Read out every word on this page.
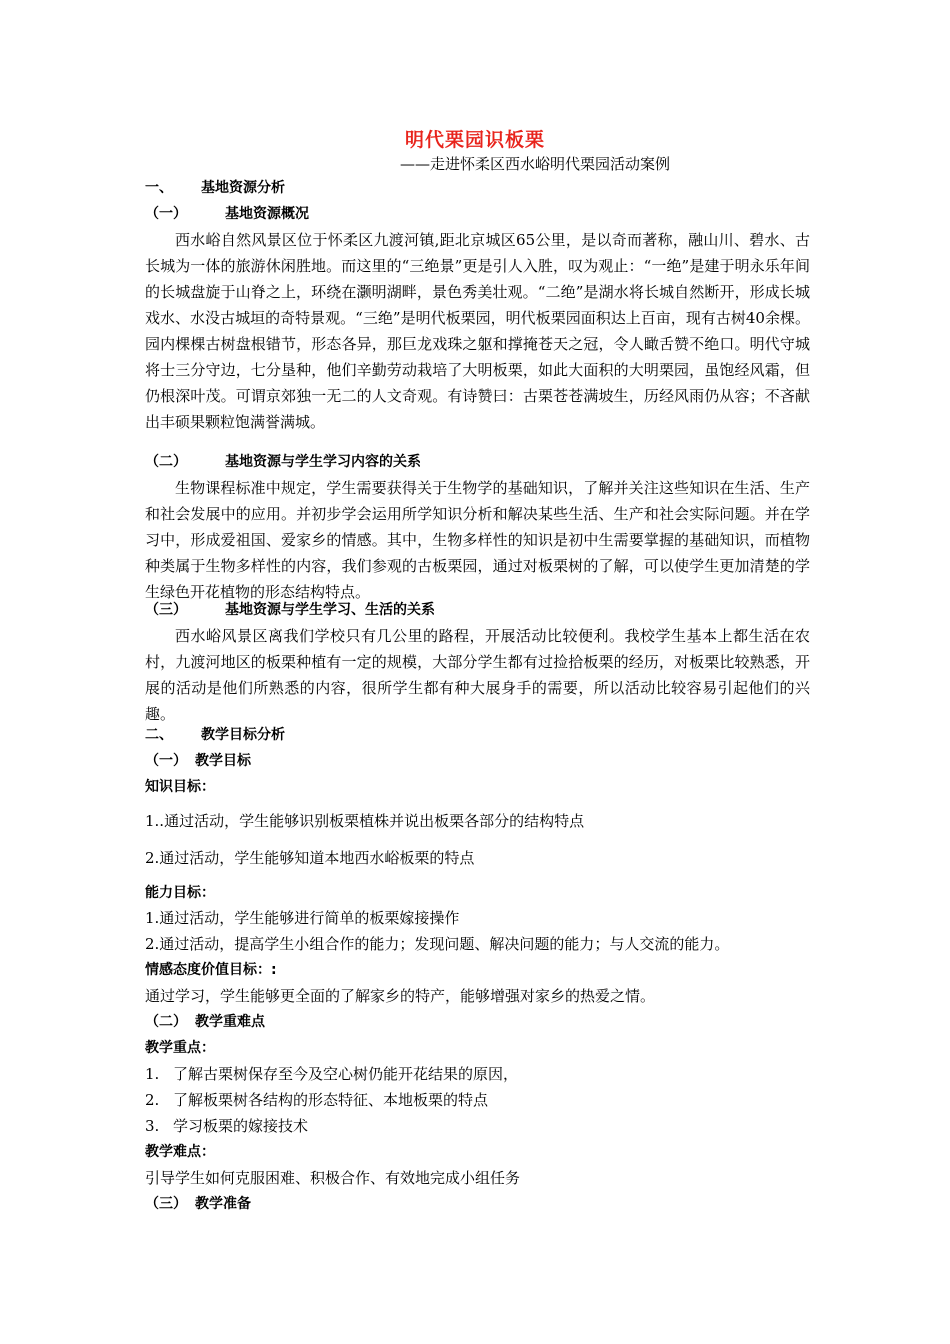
明代栗园识板栗
——走进怀柔区西水峪明代栗园活动案例
一、 基地资源分析
（一）	基地资源概况
西水峪自然风景区位于怀柔区九渡河镇,距北京城区65公里，是以奇而著称，融山川、碧水、古长城为一体的旅游休闲胜地。而这里的“三绝景”更是引人入胜，叹为观止：“一绝”是建于明永乐年间的长城盘旋于山脊之上，环绕在灏明湖畔，景色秀美壮观。“二绝”是湖水将长城自然断开，形成长城戏水、水没古城垣的奇特景观。“三绝”是明代板栗园，明代板栗园面积达上百亩，现有古树40余棵。园内棵棵古树盘根错节，形态各异，那巨龙戏珠之躯和撑掩苍天之冠，令人瞰舌赞不绝口。明代守城将士三分守边，七分垦种，他们辛勤劳动栽培了大明板栗，如此大面积的大明栗园，虽饱经风霜，但仍根深叶茂。可谓京郊独一无二的人文奇观。有诗赞曰：古栗苍苍满坡生，历经风雨仍从容；不吝献出丰硕果颗粒饱满誉满城。
（二）	基地资源与学生学习内容的关系
生物课程标准中规定，学生需要获得关于生物学的基础知识，了解并关注这些知识在生活、生产和社会发展中的应用。并初步学会运用所学知识分析和解决某些生活、生产和社会实际问题。并在学习中，形成爱祖国、爱家乡的情感。其中，生物多样性的知识是初中生需要掌握的基础知识，而植物种类属于生物多样性的内容，我们参观的古板栗园，通过对板栗树的了解，可以使学生更加清楚的学生绿色开花植物的形态结构特点。
（三）	基地资源与学生学习、生活的关系
西水峪风景区离我们学校只有几公里的路程，开展活动比较便利。我校学生基本上都生活在农村，九渡河地区的板栗种植有一定的规模，大部分学生都有过捡拾板栗的经历，对板栗比较熟悉，开展的活动是他们所熟悉的内容，很所学生都有种大展身手的需要，所以活动比较容易引起他们的兴趣。
二、 教学目标分析
（一） 教学目标
知识目标：
1..通过活动，学生能够识别板栗植株并说出板栗各部分的结构特点
2.通过活动，学生能够知道本地西水峪板栗的特点
能力目标：
1.通过活动，学生能够进行简单的板栗嫁接操作
2.通过活动，提高学生小组合作的能力；发现问题、解决问题的能力；与人交流的能力。
情感态度价值目标：:
通过学习，学生能够更全面的了解家乡的特产，能够增强对家乡的热爱之情。
（二） 教学重难点
教学重点：
1. 了解古栗树保存至今及空心树仍能开花结果的原因，
2. 了解板栗树各结构的形态特征、本地板栗的特点
3. 学习板栗的嫁接技术
教学难点：
引导学生如何克服困难、积极合作、有效地完成小组任务
（三） 教学准备
